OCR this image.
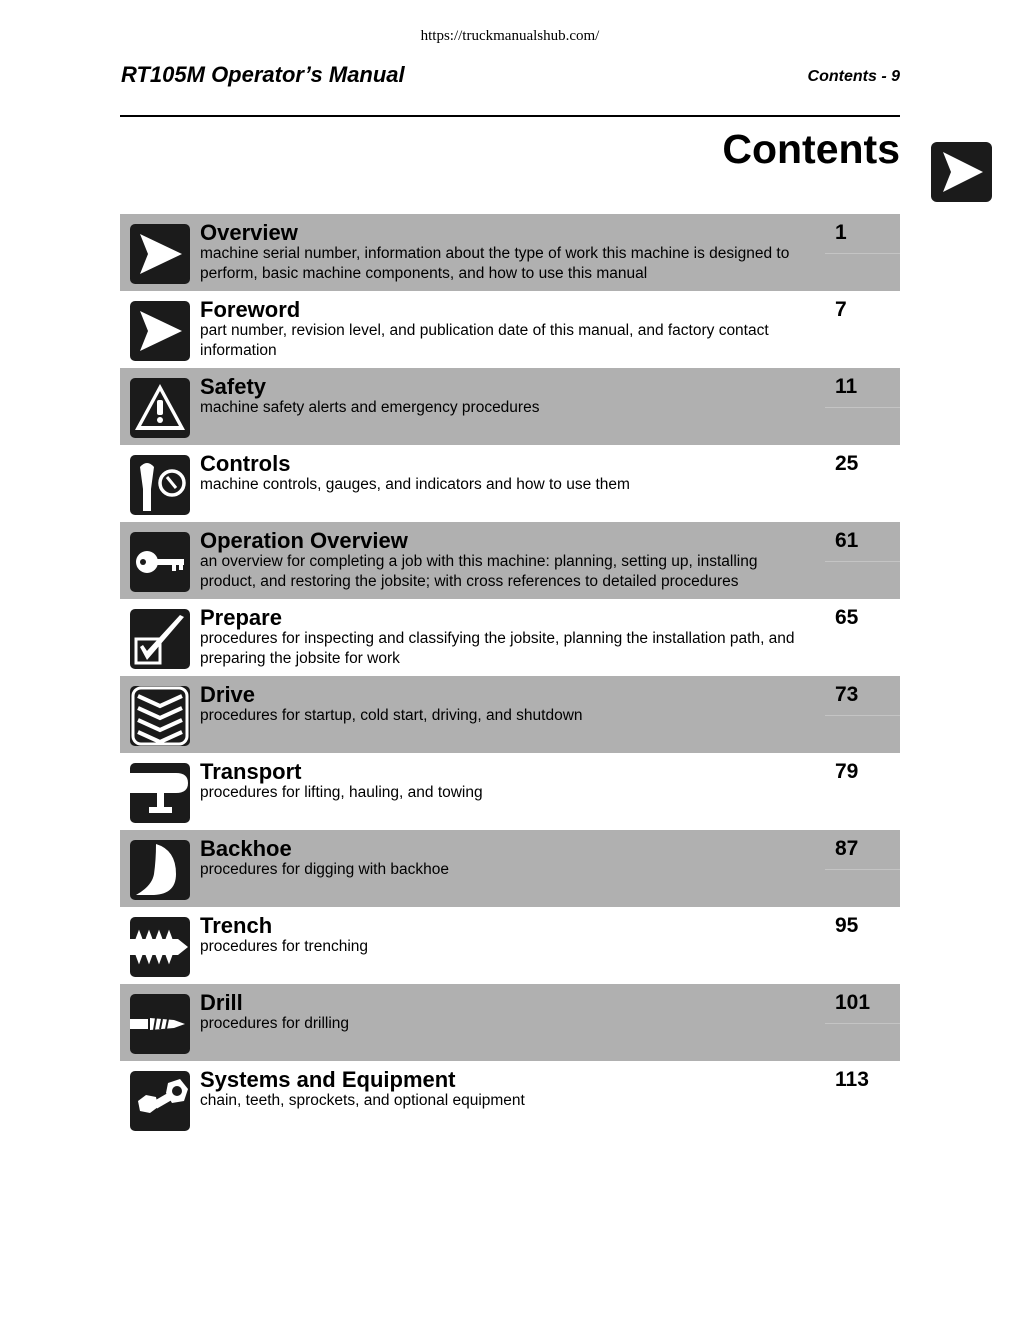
https://truckmanualshub.com/
RT105M Operator’s Manual	Contents - 9
Contents
Overview
machine serial number, information about the type of work this machine is designed to perform, basic machine components, and how to use this manual
1
Foreword
part number, revision level, and publication date of this manual, and factory contact information
7
Safety
machine safety alerts and emergency procedures
11
Controls
machine controls, gauges, and indicators and how to use them
25
Operation Overview
an overview for completing a job with this machine: planning, setting up, installing product, and restoring the jobsite; with cross references to detailed procedures
61
Prepare
procedures for inspecting and classifying the jobsite, planning the installation path, and preparing the jobsite for work
65
Drive
procedures for startup, cold start, driving, and shutdown
73
Transport
procedures for lifting, hauling, and towing
79
Backhoe
procedures for digging with backhoe
87
Trench
procedures for trenching
95
Drill
procedures for drilling
101
Systems and Equipment
chain, teeth, sprockets, and optional equipment
113
